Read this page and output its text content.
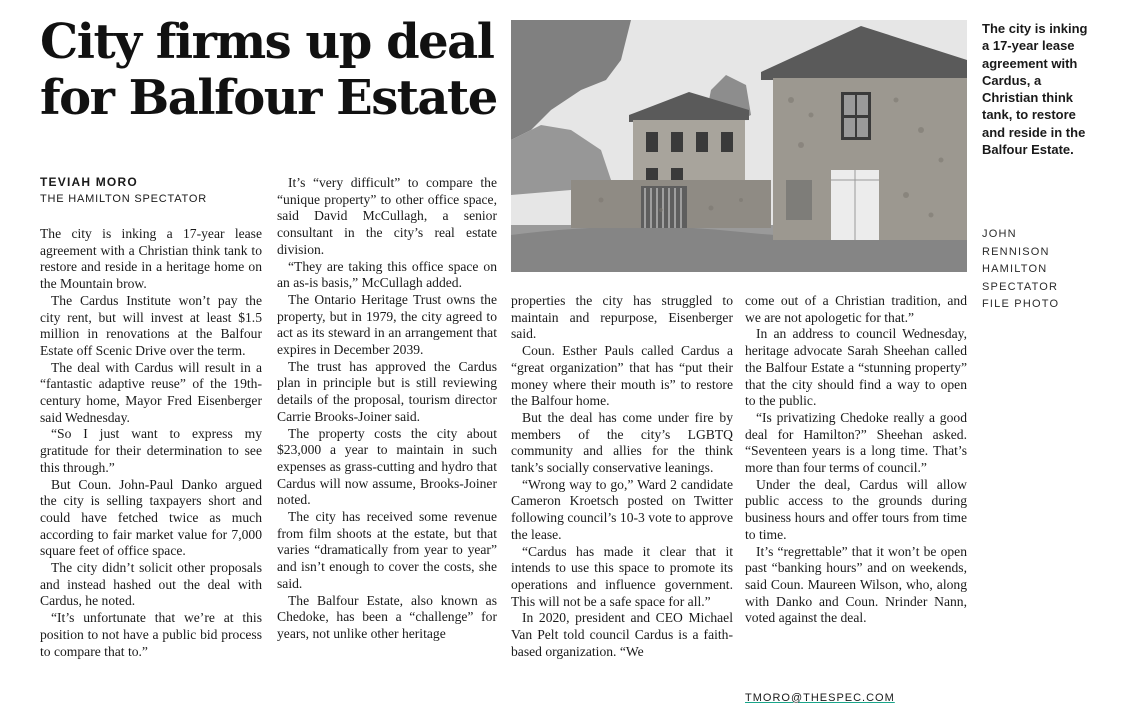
City firms up deal for Balfour Estate
TEVIAH MORO
THE HAMILTON SPECTATOR

The city is inking a 17-year lease agreement with a Christian think tank to restore and reside in a heritage home on the Mountain brow.

The Cardus Institute won’t pay the city rent, but will invest at least $1.5 million in renovations at the Balfour Estate off Scenic Drive over the term.

The deal with Cardus will result in a “fantastic adaptive reuse” of the 19th-century home, Mayor Fred Eisenberger said Wednesday.

“So I just want to express my gratitude for their determination to see this through.”

But Coun. John-Paul Danko argued the city is selling taxpayers short and could have fetched twice as much according to fair market value for 7,000 square feet of office space.

The city didn’t solicit other proposals and instead hashed out the deal with Cardus, he noted.

“It’s unfortunate that we’re at this position to not have a public bid process to compare that to.”

It’s “very difficult” to compare the “unique property” to other office space, said David McCullagh, a senior consultant in the city’s real estate division.

“They are taking this office space on an as-is basis,” McCullagh added.

The Ontario Heritage Trust owns the property, but in 1979, the city agreed to act as its steward in an arrangement that expires in December 2039.

The trust has approved the Cardus plan in principle but is still reviewing details of the proposal, tourism director Carrie Brooks-Joiner said.

The property costs the city about $23,000 a year to maintain in such expenses as grass-cutting and hydro that Cardus will now assume, Brooks-Joiner noted.

The city has received some revenue from film shoots at the estate, but that varies “dramatically from year to year” and isn’t enough to cover the costs, she said.

The Balfour Estate, also known as Chedoke, has been a “challenge” for years, not unlike other heritage

The city is inking a 17-year lease agreement with Cardus, a Christian think tank, to restore and reside in the Balfour Estate.
JOHN RENNISON HAMILTON SPECTATOR FILE PHOTO

properties the city has struggled to maintain and repurpose, Eisenberger said.

Coun. Esther Pauls called Cardus a “great organization” that has “put their money where their mouth is” to restore the Balfour home.

But the deal has come under fire by members of the city’s LGBTQ community and allies for the think tank’s socially conservative leanings.

“Wrong way to go,” Ward 2 candidate Cameron Kroetsch posted on Twitter following council’s 10-3 vote to approve the lease.

“Cardus has made it clear that it intends to use this space to promote its operations and influence government. This will not be a safe space for all.”

In 2020, president and CEO Michael Van Pelt told council Cardus is a faith-based organization. “We

come out of a Christian tradition, and we are not apologetic for that.”

In an address to council Wednesday, heritage advocate Sarah Sheehan called the Balfour Estate a “stunning property” that the city should find a way to open to the public.

“Is privatizing Chedoke really a good deal for Hamilton?” Sheehan asked. “Seventeen years is a long time. That’s more than four terms of council.”

Under the deal, Cardus will allow public access to the grounds during business hours and offer tours from time to time.

It’s “regrettable” that it won’t be open past “banking hours” and on weekends, said Coun. Maureen Wilson, who, along with Danko and Coun. Nrinder Nann, voted against the deal.

TMORO@THESPEC.COM
